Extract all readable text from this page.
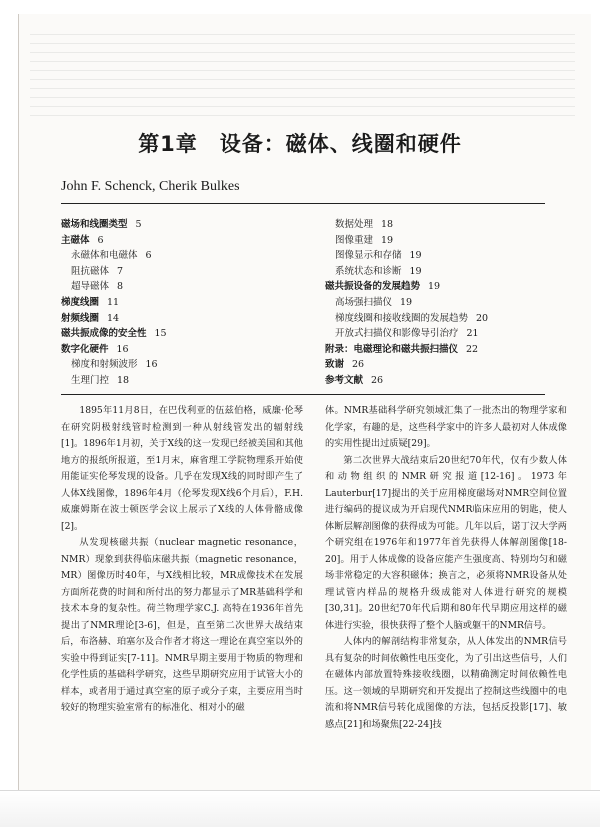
第1章　设备：磁体、线圈和硬件
John F. Schenck, Cherik Bulkes
磁场和线圈类型 5
主磁体 6
永磁体和电磁体 6
阻抗磁体 7
超导磁体 8
梯度线圈 11
射频线圈 14
磁共振成像的安全性 15
数字化硬件 16
梯度和射频波形 16
生理门控 18
数据处理 18
图像重建 19
图像显示和存储 19
系统状态和诊断 19
磁共振设备的发展趋势 19
高场强扫描仪 19
梯度线圈和接收线圈的发展趋势 20
开放式扫描仪和影像导引治疗 21
附录：电磁理论和磁共振扫描仪 22
致谢 26
参考文献 26

1895年11月8日，在巴伐利亚的伍兹伯格，威廉·伦琴在研究阴极射线管时检测到一种从射线管发出的辐射线[1]。1896年1月初，关于X线的这一发现已经被美国和其他地方的报纸所报道，至1月末，麻省理工学院物理系开始使用能证实伦琴发现的设备。几乎在发现X线的同时即产生了人体X线图像，1896年4月（伦琴发现X线6个月后），F.H. 威廉姆斯在波士顿医学会议上展示了X线的人体骨骼成像[2]。

从发现核磁共振（nuclear magnetic resonance，NMR）现象到获得临床磁共振（magnetic resonance，MR）图像历时40年，与X线相比较，MR成像技术在发展方面所花费的时间和所付出的努力都显示了MR基础科学和技术本身的复杂性。荷兰物理学家C.J. 高特在1936年首先提出了NMR理论[3-6]，但是，直至第二次世界大战结束后，布洛赫、珀塞尔及合作者才将这一理论在真空室以外的实验中得到证实[7-11]。NMR早期主要用于物质的物理和化学性质的基础科学研究，这些早期研究应用于试管大小的样本，或者用于通过真空室的原子或分子束，主要应用当时较好的物理实验室常有的标准化、相对小的磁

体。NMR基础科学研究领域汇集了一批杰出的物理学家和化学家，有趣的是，这些科学家中的许多人最初对人体成像的实用性提出过质疑[29]。

第二次世界大战结束后20世纪70年代，仅有少数人体和动物组织的NMR研究报道[12-16]。1973年Lauterbur[17]提出的关于应用梯度磁场对NMR空间位置进行编码的提议成为开启现代NMR临床应用的钥匙，使人体断层解剖图像的获得成为可能。几年以后，诺丁汉大学两个研究组在1976年和1977年首先获得人体解剖图像[18-20]。用于人体成像的设备应能产生强度高、特别均匀和磁场非常稳定的大容积磁体；换言之，必须将NMR设备从处理试管内样品的规格升级成能对人体进行研究的规模[30,31]。20世纪70年代后期和80年代早期应用这样的磁体进行实验，很快获得了整个人脑或躯干的NMR信号。

人体内的解剖结构非常复杂，从人体发出的NMR信号具有复杂的时间依赖性电压变化，为了引出这些信号，人们在磁体内部放置特殊接收线圈，以精确测定时间依赖性电压。这一领域的早期研究和开发提出了控制这些线圈中的电流和将NMR信号转化成图像的方法，包括反投影[17]、敏感点[21]和场聚焦[22-24]技
